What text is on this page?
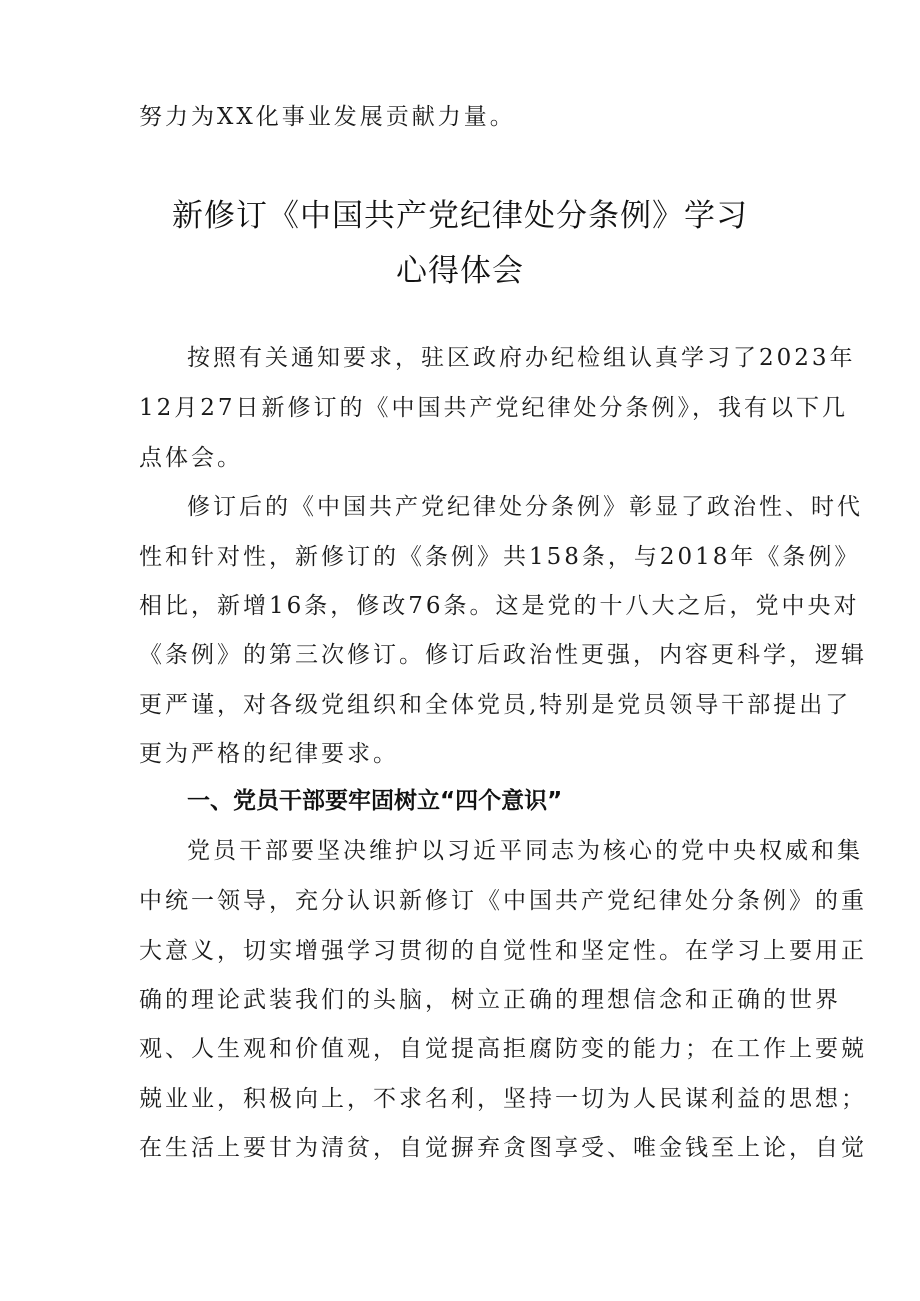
努力为XX化事业发展贡献力量。
新修订《中国共产党纪律处分条例》学习
心得体会
按照有关通知要求，驻区政府办纪检组认真学习了2023年
12月27日新修订的《中国共产党纪律处分条例》，我有以下几
点体会。
修订后的《中国共产党纪律处分条例》彰显了政治性、时代
性和针对性，新修订的《条例》共158条，与2018年《条例》
相比，新增16条，修改76条。这是党的十八大之后，党中央对
《条例》的第三次修订。修订后政治性更强，内容更科学，逻辑
更严谨，对各级党组织和全体党员,特别是党员领导干部提出了
更为严格的纪律要求。
一、党员干部要牢固树立“四个意识”
党员干部要坚决维护以习近平同志为核心的党中央权威和集
中统一领导，充分认识新修订《中国共产党纪律处分条例》的重
大意义，切实增强学习贯彻的自觉性和坚定性。在学习上要用正
确的理论武装我们的头脑，树立正确的理想信念和正确的世界
观、人生观和价值观，自觉提高拒腐防变的能力；在工作上要兢
兢业业，积极向上，不求名利，坚持一切为人民谋利益的思想；
在生活上要甘为清贫，自觉摒弃贪图享受、唯金钱至上论，自觉
